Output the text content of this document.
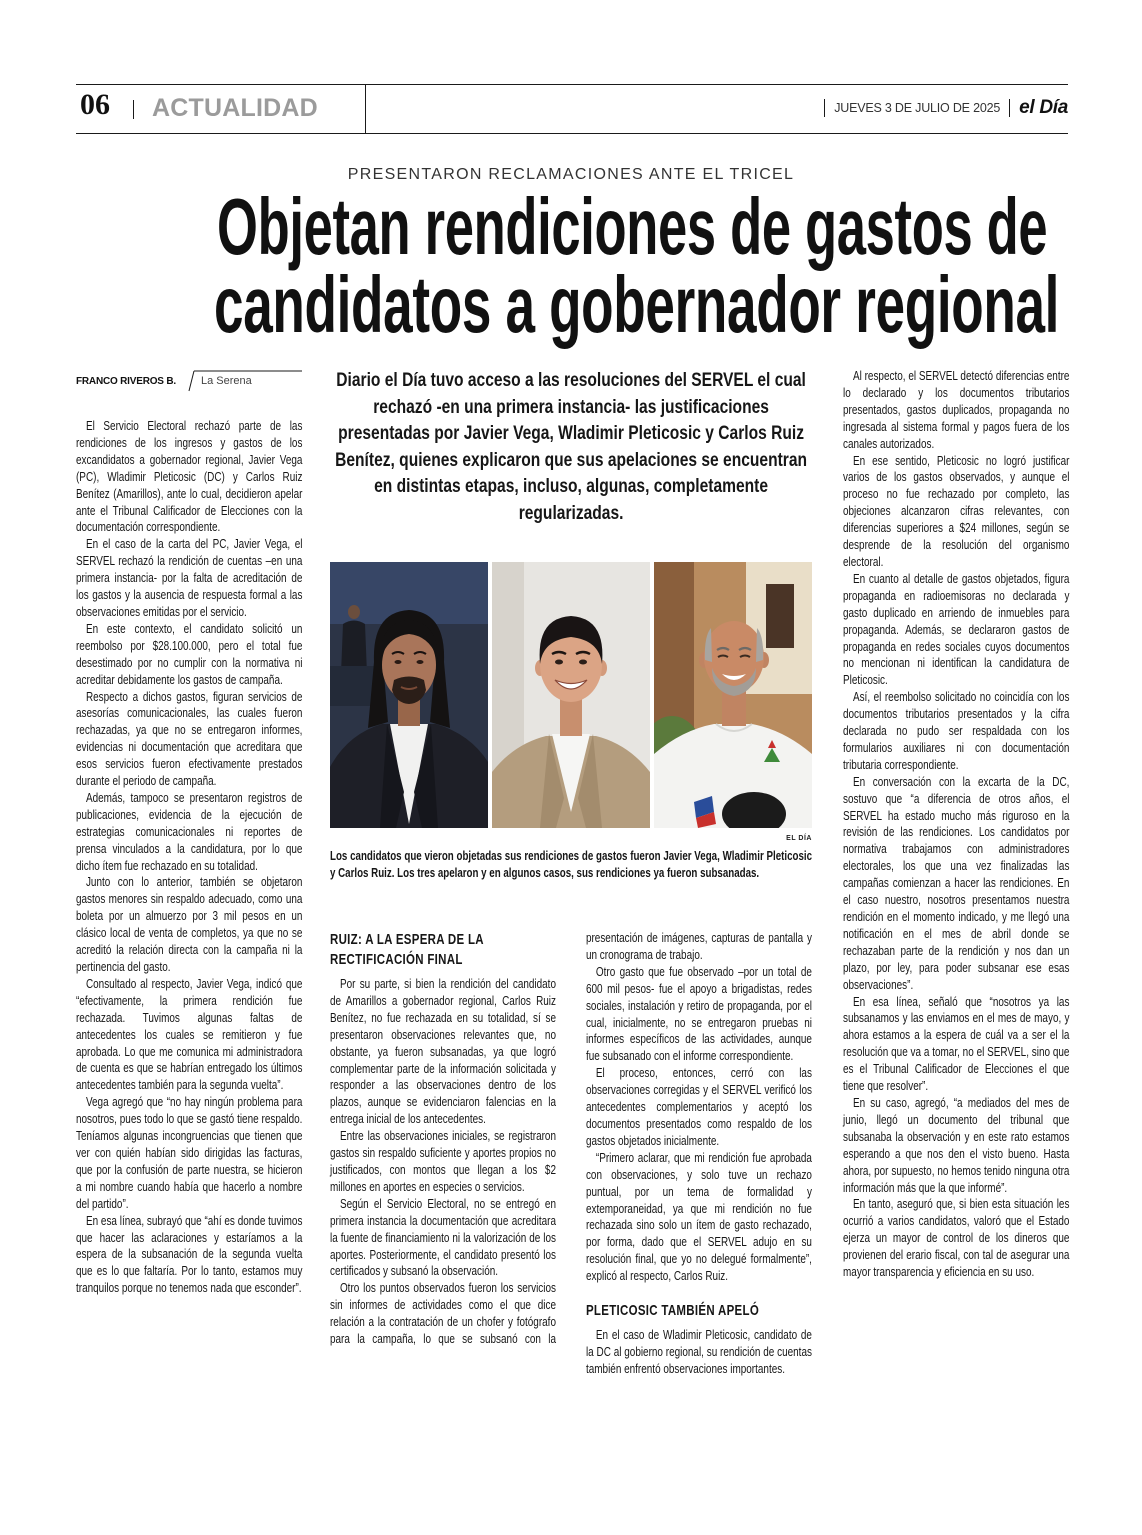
06 ACTUALIDAD	JUEVES 3 DE JULIO DE 2025 el Día
PRESENTARON RECLAMACIONES ANTE EL TRICEL
Objetan rendiciones de gastos de
candidatos a gobernador regional
FRANCO RIVEROS B. La Serena

El Servicio Electoral rechazó parte de las rendiciones de los ingresos y gastos de los excandidatos a gobernador regional, Javier Vega (PC), Wladimir Pleticosic (DC) y Carlos Ruiz Benítez (Amarillos), ante lo cual, decidieron apelar ante el Tribunal Calificador de Elecciones con la documentación correspondiente.

En el caso de la carta del PC, Javier Vega, el SERVEL rechazó la rendición de cuentas –en una primera instancia- por la falta de acreditación de los gastos y la ausencia de respuesta formal a las observaciones emitidas por el servicio.

En este contexto, el candidato solicitó un reembolso por $28.100.000, pero el total fue desestimado por no cumplir con la normativa ni acreditar debidamente los gastos de campaña.

Respecto a dichos gastos, figuran servicios de asesorías comunicacionales, las cuales fueron rechazadas, ya que no se entregaron informes, evidencias ni documentación que acreditara que esos servicios fueron efectivamente prestados durante el periodo de campaña.

Además, tampoco se presentaron registros de publicaciones, evidencia de la ejecución de estrategias comunicacionales ni reportes de prensa vinculados a la candidatura, por lo que dicho ítem fue rechazado en su totalidad.

Junto con lo anterior, también se objetaron gastos menores sin respaldo adecuado, como una boleta por un almuerzo por 3 mil pesos en un clásico local de venta de completos, ya que no se acreditó la relación directa con la campaña ni la pertinencia del gasto.

Consultado al respecto, Javier Vega, indicó que “efectivamente, la primera rendición fue rechazada. Tuvimos algunas faltas de antecedentes los cuales se remitieron y fue aprobada. Lo que me comunica mi administradora de cuenta es que se habrían entregado los últimos antecedentes también para la segunda vuelta”.

Vega agregó que “no hay ningún problema para nosotros, pues todo lo que se gastó tiene respaldo. Teníamos algunas incongruencias que tienen que ver con quién habían sido dirigidas las facturas, que por la confusión de parte nuestra, se hicieron a mi nombre cuando había que hacerlo a nombre del partido”.

En esa línea, subrayó que “ahí es donde tuvimos que hacer las aclaraciones y estaríamos a la espera de la subsanación de la segunda vuelta que es lo que faltaría. Por lo tanto, estamos muy tranquilos porque no tenemos nada que esconder”.

Diario el Día tuvo acceso a las resoluciones del SERVEL el cual rechazó -en una primera instancia- las justificaciones presentadas por Javier Vega, Wladimir Pleticosic y Carlos Ruiz Benítez, quienes explicaron que sus apelaciones se encuentran en distintas etapas, incluso, algunas, completamente regularizadas.
EL DÍA
Los candidatos que vieron objetadas sus rendiciones de gastos fueron Javier Vega, Wladimir Pleticosic y Carlos Ruiz. Los tres apelaron y en algunos casos, sus rendiciones ya fueron subsanadas.
RUIZ: A LA ESPERA DE LA RECTIFICACIÓN FINAL

Por su parte, si bien la rendición del candidato de Amarillos a gobernador regional, Carlos Ruiz Benítez, no fue rechazada en su totalidad, sí se presentaron observaciones relevantes que, no obstante, ya fueron subsanadas, ya que logró complementar parte de la información solicitada y responder a las observaciones dentro de los plazos, aunque se evidenciaron falencias en la entrega inicial de los antecedentes.

Entre las observaciones iniciales, se registraron gastos sin respaldo suficiente y aportes propios no justificados, con montos que llegan a los $2 millones en aportes en especies o servicios.

Según el Servicio Electoral, no se entregó en primera instancia la documentación que acreditara la fuente de financiamiento ni la valorización de los aportes. Posteriormente, el candidato presentó los certificados y subsanó la observación.

Otro los puntos observados fueron los servicios sin informes de actividades como el que dice relación a la contratación de un chofer y fotógrafo para la campaña, lo que se subsanó con la presentación de imágenes, capturas de pantalla y un cronograma de trabajo.

Otro gasto que fue observado –por un total de 600 mil pesos- fue el apoyo a brigadistas, redes sociales, instalación y retiro de propaganda, por el cual, inicialmente, no se entregaron pruebas ni informes específicos de las actividades, aunque fue subsanado con el informe correspondiente.

El proceso, entonces, cerró con las observaciones corregidas y el SERVEL verificó los antecedentes complementarios y aceptó los documentos presentados como respaldo de los gastos objetados inicialmente.

“Primero aclarar, que mi rendición fue aprobada con observaciones, y solo tuve un rechazo puntual, por un tema de formalidad y extemporaneidad, ya que mi rendición no fue rechazada sino solo un ítem de gasto rechazado, por forma, dado que el SERVEL adujo en su resolución final, que yo no delegué formalmente”, explicó al respecto, Carlos Ruiz.

PLETICOSIC TAMBIÉN APELÓ

En el caso de Wladimir Pleticosic, candidato de la DC al gobierno regional, su rendición de cuentas también enfrentó observaciones importantes.

Al respecto, el SERVEL detectó diferencias entre lo declarado y los documentos tributarios presentados, gastos duplicados, propaganda no ingresada al sistema formal y pagos fuera de los canales autorizados.

En ese sentido, Pleticosic no logró justificar varios de los gastos observados, y aunque el proceso no fue rechazado por completo, las objeciones alcanzaron cifras relevantes, con diferencias superiores a $24 millones, según se desprende de la resolución del organismo electoral.

En cuanto al detalle de gastos objetados, figura propaganda en radioemisoras no declarada y gasto duplicado en arriendo de inmuebles para propaganda. Además, se declararon gastos de propaganda en redes sociales cuyos documentos no mencionan ni identifican la candidatura de Pleticosic.

Así, el reembolso solicitado no coincidía con los documentos tributarios presentados y la cifra declarada no pudo ser respaldada con los formularios auxiliares ni con documentación tributaria correspondiente.

En conversación con la excarta de la DC, sostuvo que “a diferencia de otros años, el SERVEL ha estado mucho más riguroso en la revisión de las rendiciones. Los candidatos por normativa trabajamos con administradores electorales, los que una vez finalizadas las campañas comienzan a hacer las rendiciones. En el caso nuestro, nosotros presentamos nuestra rendición en el momento indicado, y me llegó una notificación en el mes de abril donde se rechazaban parte de la rendición y nos dan un plazo, por ley, para poder subsanar ese esas observaciones”.

En esa línea, señaló que “nosotros ya las subsanamos y las enviamos en el mes de mayo, y ahora estamos a la espera de cuál va a ser el la resolución que va a tomar, no el SERVEL, sino que es el Tribunal Calificador de Elecciones el que tiene que resolver”.

En su caso, agregó, “a mediados del mes de junio, llegó un documento del tribunal que subsanaba la observación y en este rato estamos esperando a que nos den el visto bueno. Hasta ahora, por supuesto, no hemos tenido ninguna otra información más que la que informé”.

En tanto, aseguró que, si bien esta situación les ocurrió a varios candidatos, valoró que el Estado ejerza un mayor de control de los dineros que provienen del erario fiscal, con tal de asegurar una mayor transparencia y eficiencia en su uso.
